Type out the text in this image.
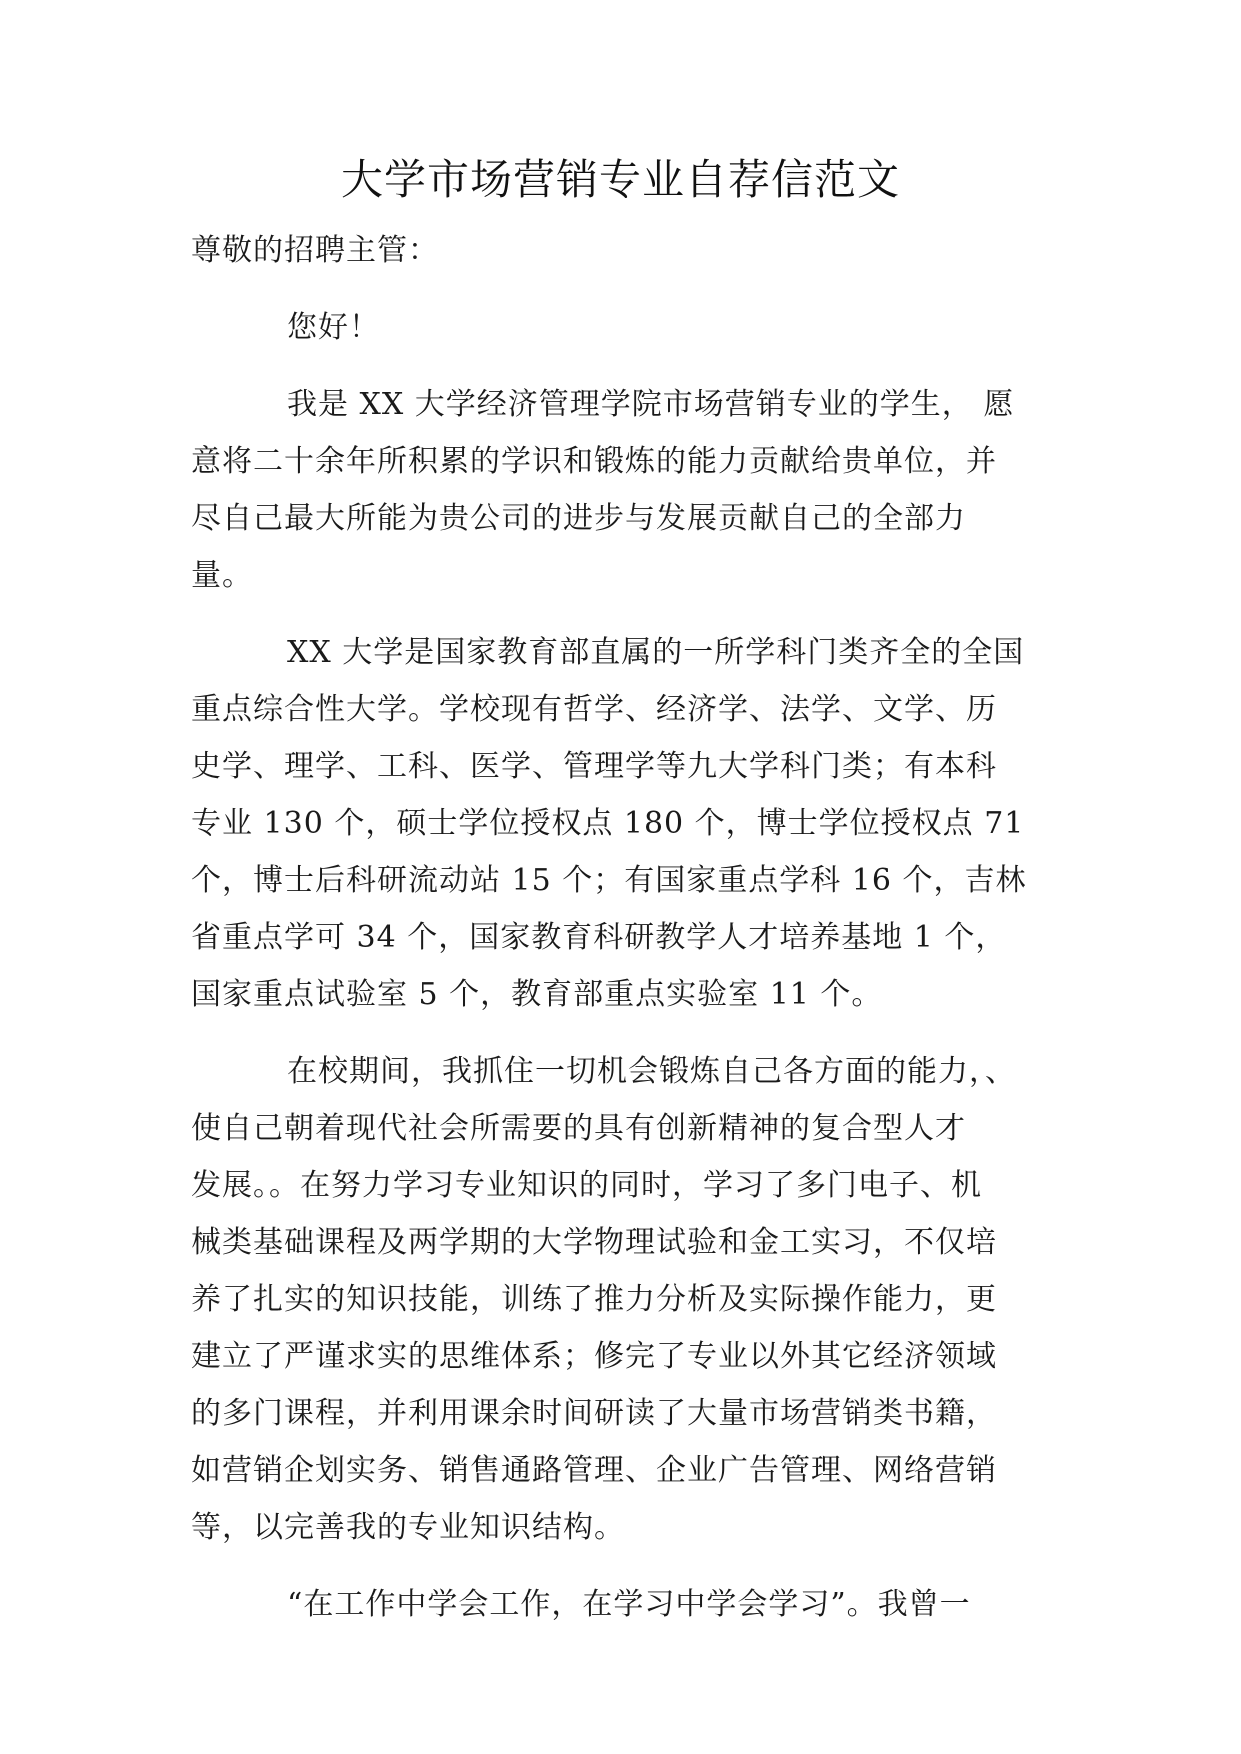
大学市场营销专业自荐信范文
尊敬的招聘主管：
您好！
我是 XX 大学经济管理学院市场营销专业的学生， 愿
意将二十余年所积累的学识和锻炼的能力贡献给贵单位，并
尽自己最大所能为贵公司的进步与发展贡献自己的全部力
量。
XX 大学是国家教育部直属的一所学科门类齐全的全国
重点综合性大学。学校现有哲学、经济学、法学、文学、历
史学、理学、工科、医学、管理学等九大学科门类；有本科
专业 130 个，硕士学位授权点 180 个，博士学位授权点 71
个，博士后科研流动站 15 个；有国家重点学科 16 个，吉林
省重点学可 34 个，国家教育科研教学人才培养基地 1 个，
国家重点试验室 5 个，教育部重点实验室 11 个。
在校期间，我抓住一切机会锻炼自己各方面的能力，、
使自己朝着现代社会所需要的具有创新精神的复合型人才
发展。。在努力学习专业知识的同时，学习了多门电子、机
械类基础课程及两学期的大学物理试验和金工实习，不仅培
养了扎实的知识技能，训练了推力分析及实际操作能力，更
建立了严谨求实的思维体系；修完了专业以外其它经济领域
的多门课程，并利用课余时间研读了大量市场营销类书籍，
如营销企划实务、销售通路管理、企业广告管理、网络营销
等，以完善我的专业知识结构。
“在工作中学会工作，在学习中学会学习”。我曾一
